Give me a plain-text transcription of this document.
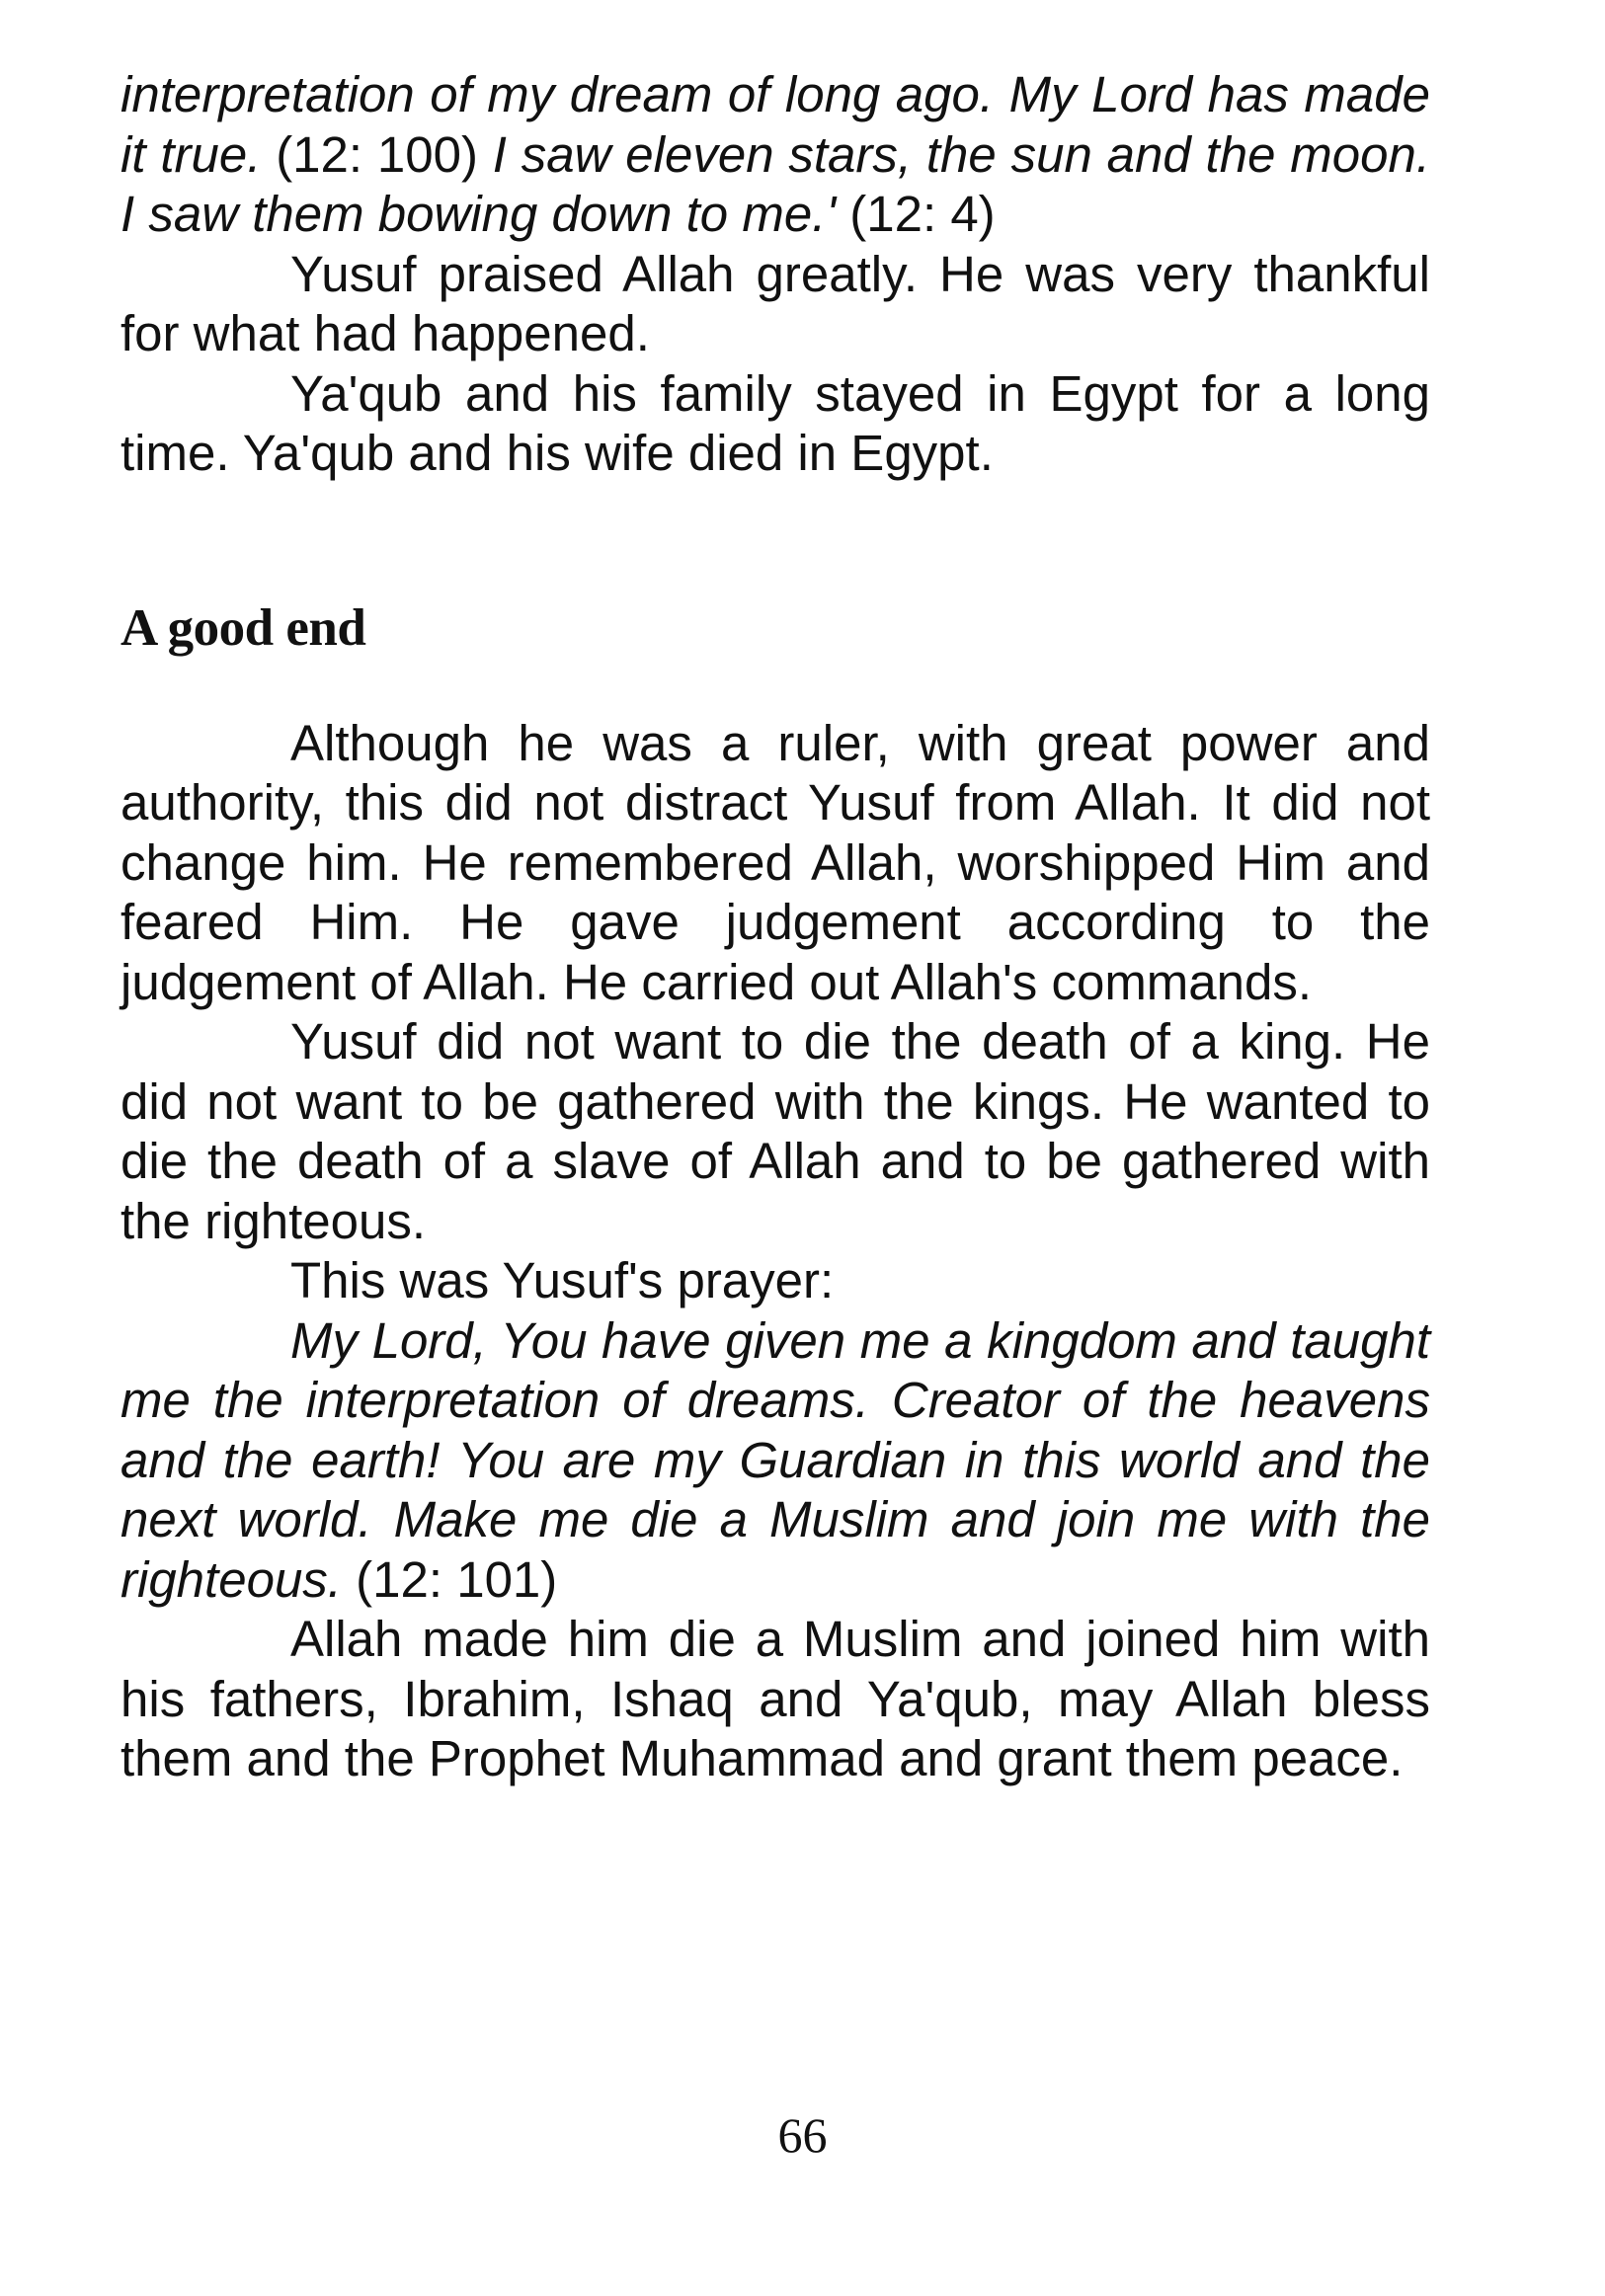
interpretation of my dream of long ago. My Lord has made it true. (12: 100) I saw eleven stars, the sun and the moon. I saw them bowing down to me.' (12: 4)

Yusuf praised Allah greatly. He was very thankful for what had happened.

Ya'qub and his family stayed in Egypt for a long time. Ya'qub and his wife died in Egypt.

A good end

Although he was a ruler, with great power and authority, this did not distract Yusuf from Allah. It did not change him. He remembered Allah, worshipped Him and feared Him. He gave judgement according to the judgement of Allah. He carried out Allah's commands.

Yusuf did not want to die the death of a king. He did not want to be gathered with the kings. He wanted to die the death of a slave of Allah and to be gathered with the righteous.

This was Yusuf's prayer:

My Lord, You have given me a kingdom and taught me the interpretation of dreams. Creator of the heavens and the earth! You are my Guardian in this world and the next world. Make me die a Muslim and join me with the righteous. (12: 101)

Allah made him die a Muslim and joined him with his fathers, Ibrahim, Ishaq and Ya'qub, may Allah bless them and the Prophet Muhammad and grant them peace.

66
